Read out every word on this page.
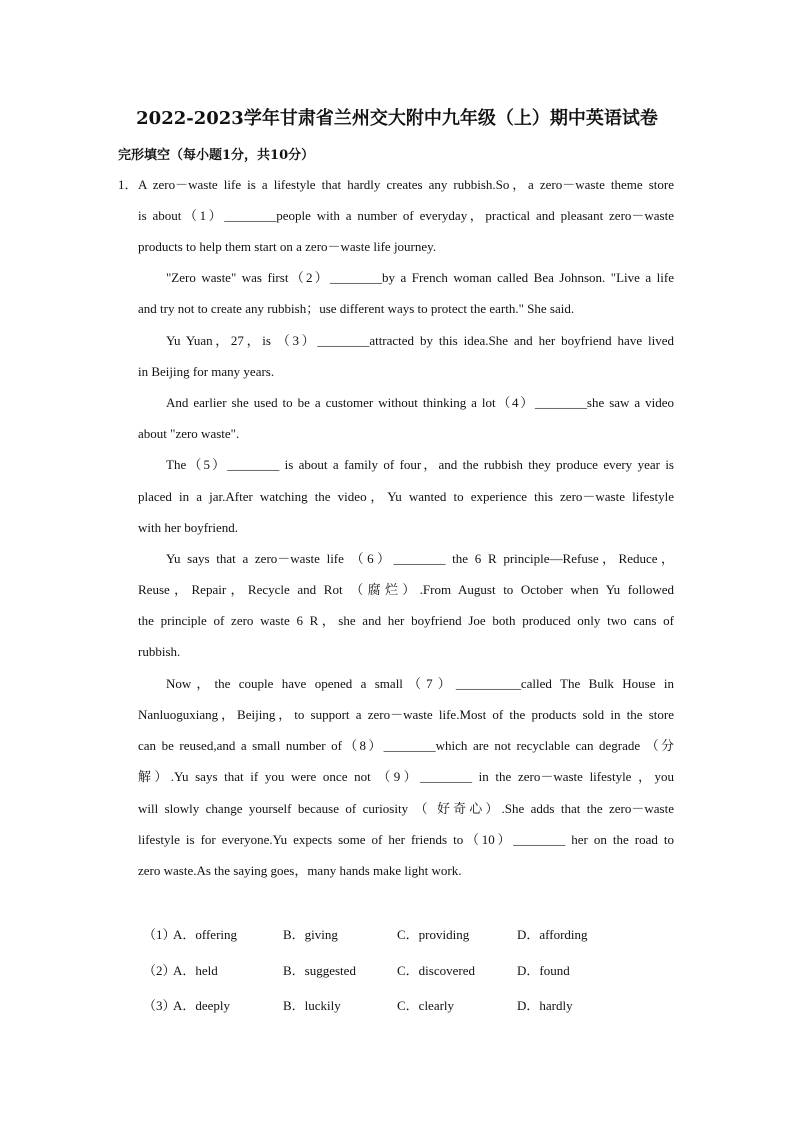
2022-2023学年甘肃省兰州交大附中九年级（上）期中英语试卷
完形填空（每小题1分，共10分）
1． A zero－waste life is a lifestyle that hardly creates any rubbish.So，a zero－waste theme store
is about（1）________people with a number of everyday，practical and pleasant zero－waste
products to help them start on a zero－waste life journey.
"Zero waste" was first（2）________by a French woman called Bea Johnson. "Live a life
and try not to create any rubbish；use different ways to protect the earth." She said.
Yu Yuan，27，is （3）________attracted by this idea.She and her boyfriend have lived
in Beijing for many years.
And earlier she used to be a customer without thinking a lot（4）________she saw a video
about "zero waste".
The（5）________ is about a family of four，and the rubbish they produce every year is
placed in a jar.After watching the video，Yu wanted to experience this zero－waste lifestyle
with her boyfriend.
Yu says that a zero－waste life （6）________ the 6 R principle—Refuse，Reduce，
Reuse，Repair，Recycle and Rot （腐烂）.From August to October when Yu followed
the principle of zero waste 6 R，she and her boyfriend Joe both produced only two cans of
rubbish.
Now，the couple have opened a small（7）__________called The Bulk House in
Nanluoguxiang，Beijing，to support a zero－waste life.Most of the products sold in the store
can be reused,and a small number of（8）________which are not recyclable can degrade （分
解）.Yu says that if you were once not （9）________ in the zero－waste lifestyle ，you
will slowly change yourself because of curiosity （ 好奇心）.She adds that the zero－waste
lifestyle is for everyone.Yu expects some of her friends to（10）________ her on the road to
zero waste.As the saying goes，many hands make light work.
（1）
A．offering	B．giving	C．providing	D．affording
（2）
A．held	B．suggested	C．discovered	D．found
（3）
A．deeply	B．luckily	C．clearly	D．hardly
